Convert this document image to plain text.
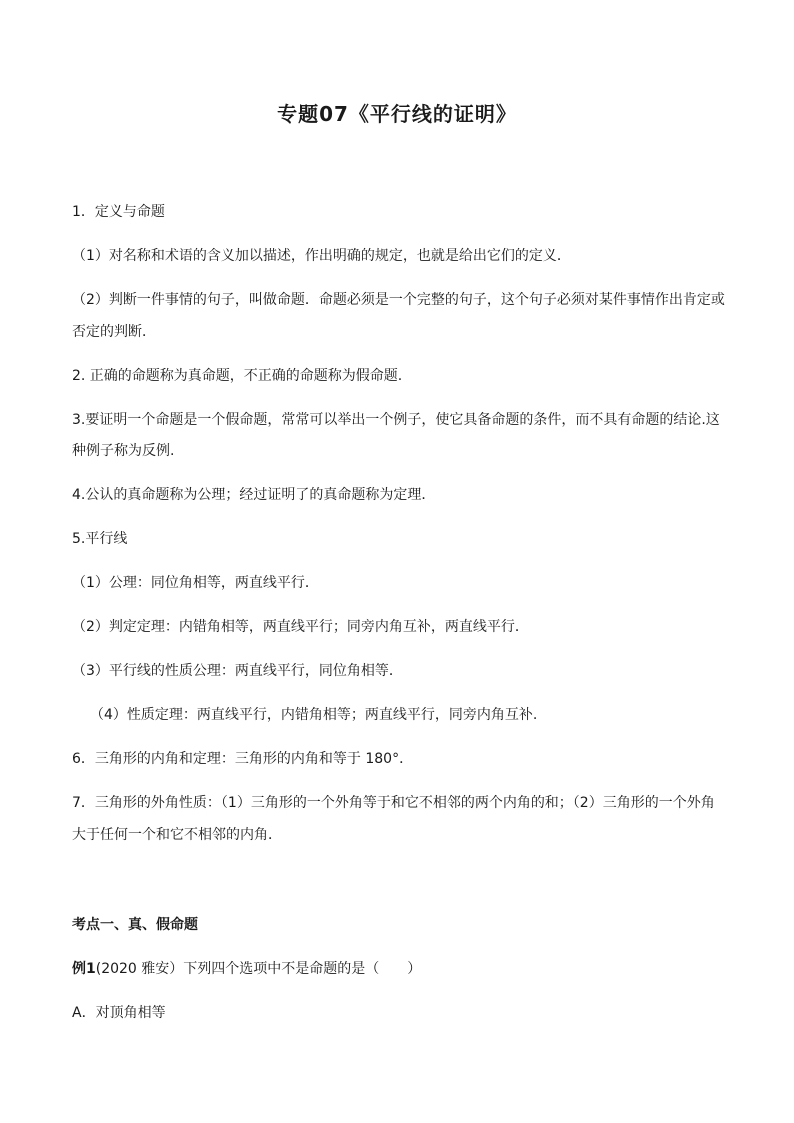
专题07《平行线的证明》
1．定义与命题
（1）对名称和术语的含义加以描述，作出明确的规定，也就是给出它们的定义．
（2）判断一件事情的句子，叫做命题．命题必须是一个完整的句子，这个句子必须对某件事情作出肯定或
否定的判断．
2. 正确的命题称为真命题，不正确的命题称为假命题.
3.要证明一个命题是一个假命题，常常可以举出一个例子，使它具备命题的条件，而不具有命题的结论.这
种例子称为反例.
4.公认的真命题称为公理；经过证明了的真命题称为定理．
5.平行线
（1）公理：同位角相等，两直线平行．
（2）判定定理：内错角相等，两直线平行；同旁内角互补，两直线平行．
（3）平行线的性质公理：两直线平行，同位角相等．
（4）性质定理：两直线平行，内错角相等；两直线平行，同旁内角互补.
6．三角形的内角和定理：三角形的内角和等于 180°．
7．三角形的外角性质：（1）三角形的一个外角等于和它不相邻的两个内角的和；（2）三角形的一个外角
大于任何一个和它不相邻的内角．
考点一、真、假命题
例1(2020 雅安）下列四个选项中不是命题的是（　　）
A．对顶角相等
